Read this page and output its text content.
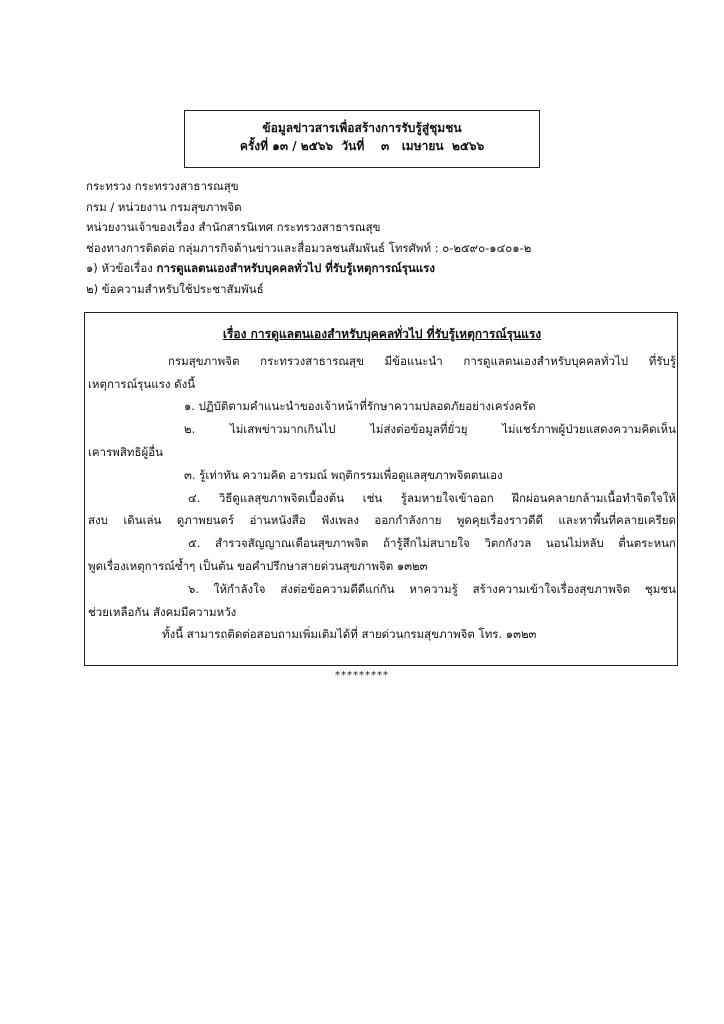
ข้อมูลข่าวสารเพื่อสร้างการรับรู้สู่ชุมชน
ครั้งที่ ๑๓ / ๒๕๖๖  วันที่    ๓   เมษายน  ๒๕๖๖
กระทรวง กระทรวงสาธารณสุข
กรม / หน่วยงาน กรมสุขภาพจิต
หน่วยงานเจ้าของเรื่อง สำนักสารนิเทศ กระทรวงสาธารณสุข
ช่องทางการติดต่อ กลุ่มภารกิจด้านข่าวและสื่อมวลชนสัมพันธ์ โทรศัพท์ : ๐-๒๕๙๐-๑๔๐๑-๒
๑) หัวข้อเรื่อง การดูแลตนเองสำหรับบุคคลทั่วไป ที่รับรู้เหตุการณ์รุนแรง
๒) ข้อความสำหรับใช้ประชาสัมพันธ์
เรื่อง การดูแลตนเองสำหรับบุคคลทั่วไป ที่รับรู้เหตุการณ์รุนแรง
กรมสุขภาพจิต กระทรวงสาธารณสุข มีข้อแนะนำ การดูแลตนเองสำหรับบุคคลทั่วไป ที่รับรู้
เหตุการณ์รุนแรง ดังนี้
๑. ปฏิบัติตามคำแนะนำของเจ้าหน้าที่รักษาความปลอดภัยอย่างเคร่งครัด
๒. ไม่เสพข่าวมากเกินไป ไม่ส่งต่อข้อมูลที่ยั่วยุ ไม่แชร์ภาพผู้ป่วยแสดงความคิดเห็น
เคารพสิทธิผู้อื่น
๓. รู้เท่าทัน ความคิด อารมณ์ พฤติกรรมเพื่อดูแลสุขภาพจิตตนเอง
๔. วิธีดูแลสุขภาพจิตเบื้องต้น เช่น รู้ลมหายใจเข้าออก ฝึกผ่อนคลายกล้ามเนื้อทำจิตใจให้
สงบ เดินเล่น ดูภาพยนตร์ อ่านหนังสือ ฟังเพลง ออกกำลังกาย พูดคุยเรื่องราวดีดี และหาพื้นที่คลายเครียด
๕. สำรวจสัญญาณเตือนสุขภาพจิต ถ้ารู้สึกไม่สบายใจ วิตกกังวล นอนไม่หลับ ตื่นตระหนก
พูดเรื่องเหตุการณ์ซ้ำๆ เป็นต้น ขอคำปรึกษาสายด่วนสุขภาพจิต ๑๓๒๓
๖. ให้กำลังใจ ส่งต่อข้อความดีดีแก่กัน หาความรู้ สร้างความเข้าใจเรื่องสุขภาพจิต ชุมชน
ช่วยเหลือกัน สังคมมีความหวัง
ทั้งนี้ สามารถติดต่อสอบถามเพิ่มเติมได้ที่ สายด่วนกรมสุขภาพจิต โทร. ๑๓๒๓
*********
